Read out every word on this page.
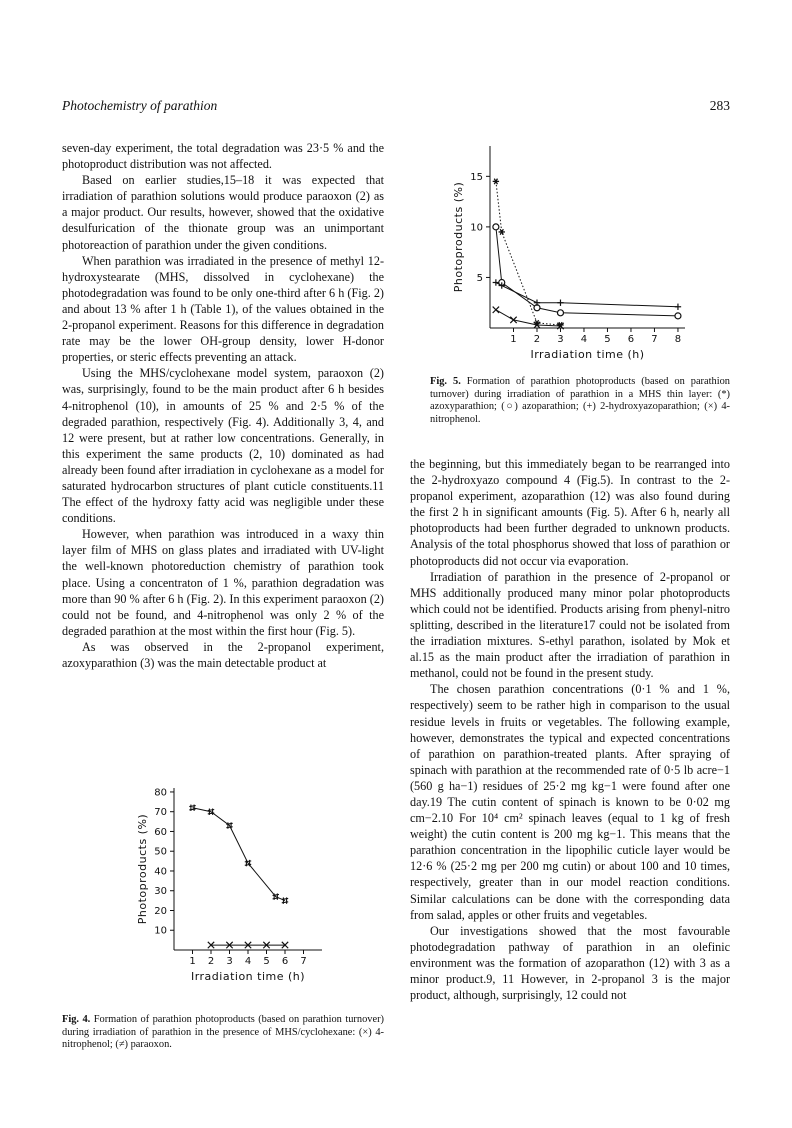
Photochemistry of parathion	283

seven-day experiment, the total degradation was 23·5 % and the photoproduct distribution was not affected.

Based on earlier studies,15–18 it was expected that irradiation of parathion solutions would produce paraoxon (2) as a major product. Our results, however, showed that the oxidative desulfurication of the thionate group was an unimportant photoreaction of parathion under the given conditions.

When parathion was irradiated in the presence of methyl 12-hydroxystearate (MHS, dissolved in cyclohexane) the photodegradation was found to be only one-third after 6 h (Fig. 2) and about 13 % after 1 h (Table 1), of the values obtained in the 2-propanol experiment. Reasons for this difference in degradation rate may be the lower OH-group density, lower H-donor properties, or steric effects preventing an attack.

Using the MHS/cyclohexane model system, paraoxon (2) was, surprisingly, found to be the main product after 6 h besides 4-nitrophenol (10), in amounts of 25 % and 2·5 % of the degraded parathion, respectively (Fig. 4). Additionally 3, 4, and 12 were present, but at rather low concentrations. Generally, in this experiment the same products (2, 10) dominated as had already been found after irradiation in cyclohexane as a model for saturated hydrocarbon structures of plant cuticle constituents.11 The effect of the hydroxy fatty acid was negligible under these conditions.

However, when parathion was introduced in a waxy thin layer film of MHS on glass plates and irradiated with UV-light the well-known photoreduction chemistry of parathion took place. Using a concentraton of 1 %, parathion degradation was more than 90 % after 6 h (Fig. 2). In this experiment paraoxon (2) could not be found, and 4-nitrophenol was only 2 % of the degraded parathion at the most within the first hour (Fig. 5).

As was observed in the 2-propanol experiment, azoxyparathion (3) was the main detectable product at

5
10
15
1 2 3 4 5 6 7 8
Irradiation time (h)
Photoproducts (%)

Fig. 5. Formation of parathion photoproducts (based on parathion turnover) during irradiation of parathion in a MHS thin layer: (*) azoxyparathion; (○) azoparathion; (+) 2-hydroxyazoparathion; (×) 4-nitrophenol.

the beginning, but this immediately began to be rearranged into the 2-hydroxyazo compound 4 (Fig.5). In contrast to the 2-propanol experiment, azoparathion (12) was also found during the first 2 h in significant amounts (Fig. 5). After 6 h, nearly all photoproducts had been further degraded to unknown products. Analysis of the total phosphorus showed that loss of parathion or photoproducts did not occur via evaporation.

Irradiation of parathion in the presence of 2-propanol or MHS additionally produced many minor polar photoproducts which could not be identified. Products arising from phenyl-nitro splitting, described in the literature17 could not be isolated from the irradiation mixtures. S-ethyl parathon, isolated by Mok et al.15 as the main product after the irradiation of parathion in methanol, could not be found in the present study.

The chosen parathion concentrations (0·1 % and 1 %, respectively) seem to be rather high in comparison to the usual residue levels in fruits or vegetables. The following example, however, demonstrates the typical and expected concentrations of parathion on parathion-treated plants. After spraying of spinach with parathion at the recommended rate of 0·5 lb acre−1 (560 g ha−1) residues of 25·2 mg kg−1 were found after one day.19 The cutin content of spinach is known to be 0·02 mg cm−2.10 For 10⁴ cm² spinach leaves (equal to 1 kg of fresh weight) the cutin content is 200 mg kg−1. This means that the parathion concentration in the lipophilic cuticle layer would be 12·6 % (25·2 mg per 200 mg cutin) or about 100 and 10 times, respectively, greater than in our model reaction conditions. Similar calculations can be done with the corresponding data from salad, apples or other fruits and vegetables.

Our investigations showed that the most favourable photodegradation pathway of parathion in an olefinic environment was the formation of azoparathon (12) with 3 as a minor product.9, 11 However, in 2-propanol 3 is the major product, although, surprisingly, 12 could not

10
20
30
40
50
60
70
80
1 2 3 4 5 6 7
Irradiation time (h)
Photoproducts (%)

Fig. 4. Formation of parathion photoproducts (based on parathion turnover) during irradiation of parathion in the presence of MHS/cyclohexane: (×) 4-nitrophenol; (≠) paraoxon.
